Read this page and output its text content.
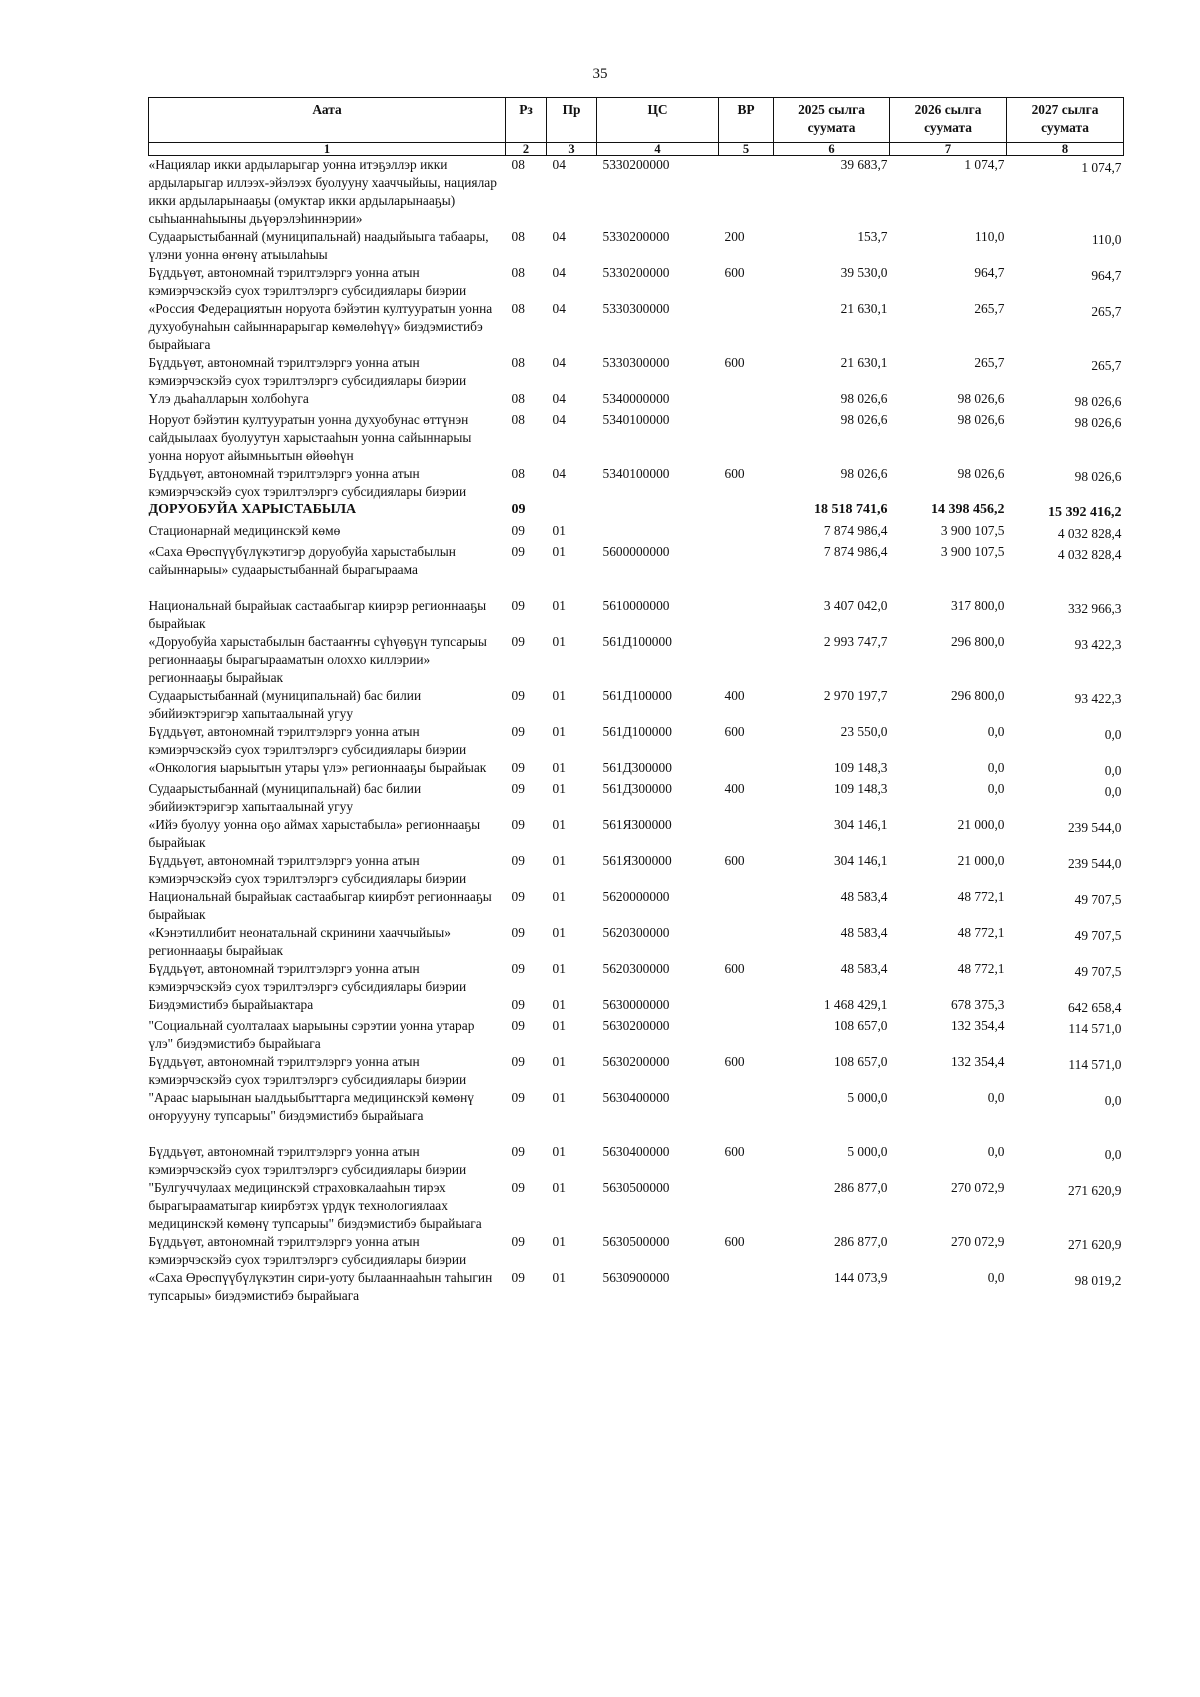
35
Аата	Рз	Пр	ЦС	ВР	2025 сылга суумата	2026 сылга суумата	2027 сылга суумата
1	2	3	4	5	6	7	8
«Нациялар икки ардыларыгар уонна итэҕэллэр икки ардыларыгар иллээх-эйэлээх буолууну хааччыйыы, нациялар икки ардыларынааҕы (омуктар икки ардыларынааҕы) сыһыаннаһыыны дьүөрэлэһиннэрии»	08	04	5330200000		39 683,7	1 074,7	1 074,7
Судаарыстыбаннай (муниципальнай) наадыйыыга табаары, үлэни уонна өҥөнү атыылаһыы	08	04	5330200000	200	153,7	110,0	110,0
Бүддьүөт, автономнай тэрилтэлэргэ уонна атын кэмиэрчэскэйэ суох тэрилтэлэргэ субсидиялары биэрии	08	04	5330200000	600	39 530,0	964,7	964,7
«Россия Федерациятын норуота бэйэтин култууратын уонна духуобунаһын сайыннарарыгар көмөлөһүү» биэдэмистибэ бырайыага	08	04	5330300000		21 630,1	265,7	265,7
Бүддьүөт, автономнай тэрилтэлэргэ уонна атын кэмиэрчэскэйэ суох тэрилтэлэргэ субсидиялары биэрии	08	04	5330300000	600	21 630,1	265,7	265,7
Үлэ дьаһалларын холбоһуга	08	04	5340000000		98 026,6	98 026,6	98 026,6
Норуот бэйэтин култууратын уонна духуобунас өттүнэн сайдыылаах буолуутун харыстааһын уонна сайыннарыы уонна норуот айымньытын өйөөһүн	08	04	5340100000		98 026,6	98 026,6	98 026,6
Бүддьүөт, автономнай тэрилтэлэргэ уонна атын кэмиэрчэскэйэ суох тэрилтэлэргэ субсидиялары биэрии	08	04	5340100000	600	98 026,6	98 026,6	98 026,6
ДОРУОБУЙА ХАРЫСТАБЫЛА	09				18 518 741,6	14 398 456,2	15 392 416,2
Стационарнай медицинскэй көмө	09	01			7 874 986,4	3 900 107,5	4 032 828,4
«Саха Өрөспүүбүлүкэтигэр доруобуйа харыстабылын сайыннарыы» судаарыстыбаннай бырагыраама	09	01	5600000000		7 874 986,4	3 900 107,5	4 032 828,4
Национальнай бырайыак састаабыгар киирэр регионнааҕы бырайыак	09	01	5610000000		3 407 042,0	317 800,0	332 966,3
«Доруобуйа харыстабылын бастааҥҥы сүһүөҕүн тупсарыы регионнааҕы бырагыраамaтын олоххо киллэрии» регионнааҕы бырайыак	09	01	561Д100000		2 993 747,7	296 800,0	93 422,3
Судаарыстыбаннай (муниципальнай) бас билии эбийиэктэригэр хапытаалынай угуу	09	01	561Д100000	400	2 970 197,7	296 800,0	93 422,3
Бүддьүөт, автономнай тэрилтэлэргэ уонна атын кэмиэрчэскэйэ суох тэрилтэлэргэ субсидиялары биэрии	09	01	561Д100000	600	23 550,0	0,0	0,0
«Онкология ыарыытын утары үлэ» регионнааҕы бырайыак	09	01	561Д300000		109 148,3	0,0	0,0
Судаарыстыбаннай (муниципальнай) бас билии эбийиэктэригэр хапытаалынай угуу	09	01	561Д300000	400	109 148,3	0,0	0,0
«Ийэ буолуу уонна оҕо аймах харыстабыла» регионнааҕы бырайыак	09	01	561Я300000		304 146,1	21 000,0	239 544,0
Бүддьүөт, автономнай тэрилтэлэргэ уонна атын кэмиэрчэскэйэ суох тэрилтэлэргэ субсидиялары биэрии	09	01	561Я300000	600	304 146,1	21 000,0	239 544,0
Национальнай бырайыак састаабыгар киирбэт регионнааҕы бырайыак	09	01	5620000000		48 583,4	48 772,1	49 707,5
«Кэнэтиллибит неонатальнай скринини хааччыйыы» регионнааҕы бырайыак	09	01	5620300000		48 583,4	48 772,1	49 707,5
Бүддьүөт, автономнай тэрилтэлэргэ уонна атын кэмиэрчэскэйэ суох тэрилтэлэргэ субсидиялары биэрии	09	01	5620300000	600	48 583,4	48 772,1	49 707,5
Биэдэмистибэ бырайыактара	09	01	5630000000		1 468 429,1	678 375,3	642 658,4
"Социальнай суолталаах ыарыыны сэрэтии уонна утарар үлэ" биэдэмистибэ бырайыага	09	01	5630200000		108 657,0	132 354,4	114 571,0
Бүддьүөт, автономнай тэрилтэлэргэ уонна атын кэмиэрчэскэйэ суох тэрилтэлэргэ субсидиялары биэрии	09	01	5630200000	600	108 657,0	132 354,4	114 571,0
"Араас ыарыынан ыалдьыбыттарга медицинскэй көмөнү оҥоруууну тупсарыы" биэдэмистибэ бырайыага	09	01	5630400000		5 000,0	0,0	0,0
Бүддьүөт, автономнай тэрилтэлэргэ уонна атын кэмиэрчэскэйэ суох тэрилтэлэргэ субсидиялары биэрии	09	01	5630400000	600	5 000,0	0,0	0,0
"Булгуччулаах медицинскэй страховкалааһын тирэх бырагырааматыгар киирбэтэх үрдүк технологиялаах медицинскэй көмөнү тупсарыы" биэдэмистибэ бырайыага	09	01	5630500000		286 877,0	270 072,9	271 620,9
Бүддьүөт, автономнай тэрилтэлэргэ уонна атын кэмиэрчэскэйэ суох тэрилтэлэргэ субсидиялары биэрии	09	01	5630500000	600	286 877,0	270 072,9	271 620,9
«Саха Өрөспүүбүлүкэтин сири-уоту былааннааһын таһыгин тупсарыы» биэдэмистибэ бырайыага	09	01	5630900000		144 073,9	0,0	98 019,2
